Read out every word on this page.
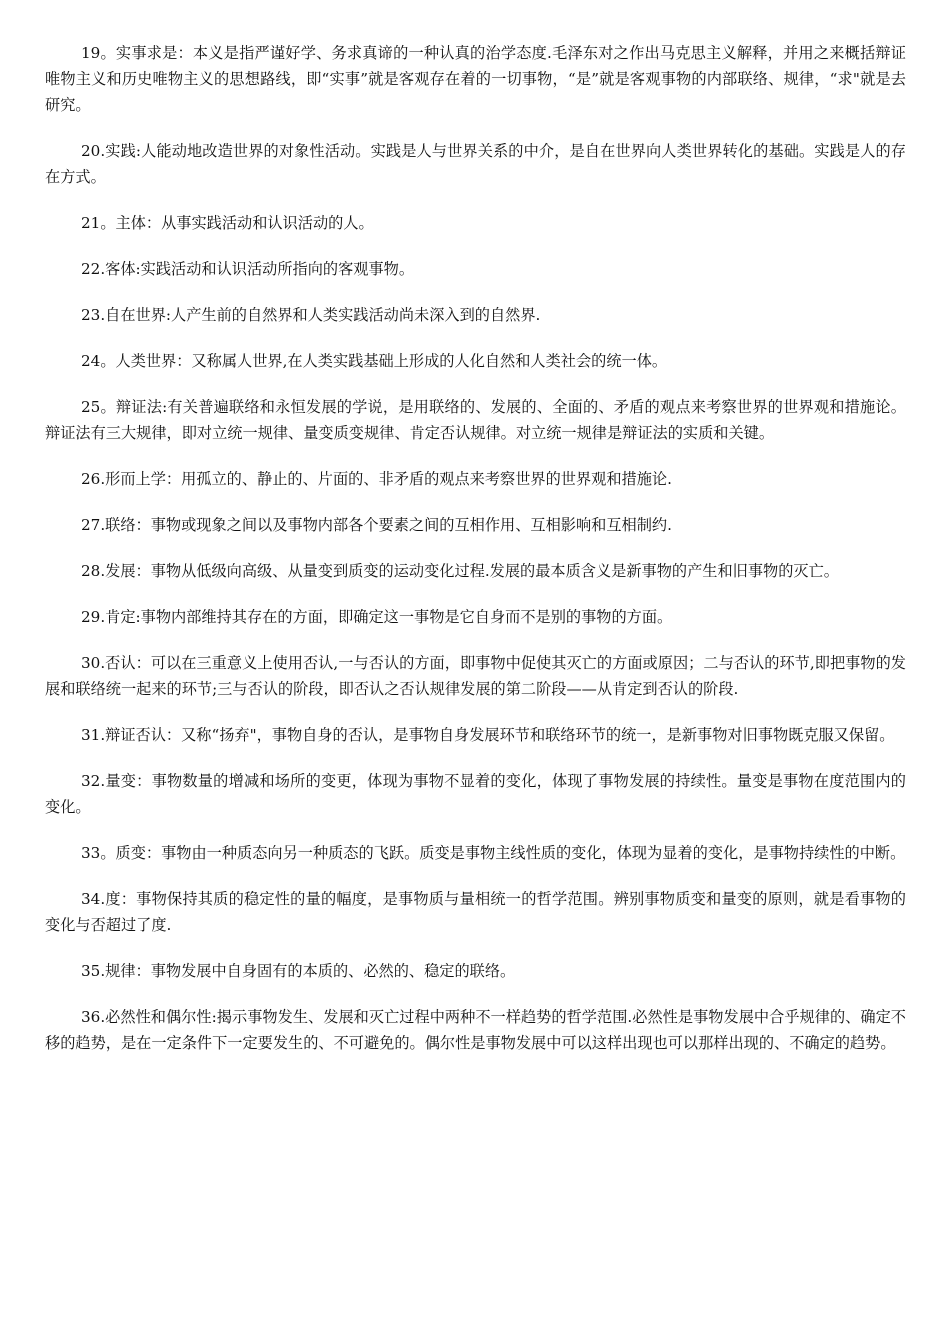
19。实事求是：本义是指严谨好学、务求真谛的一种认真的治学态度.毛泽东对之作出马克思主义解释，并用之来概括辩证唯物主义和历史唯物主义的思想路线，即“实事”就是客观存在着的一切事物，“是”就是客观事物的内部联络、规律，“求"就是去研究。

20.实践:人能动地改造世界的对象性活动。实践是人与世界关系的中介，是自在世界向人类世界转化的基础。实践是人的存在方式。

21。主体：从事实践活动和认识活动的人。

22.客体:实践活动和认识活动所指向的客观事物。

23.自在世界:人产生前的自然界和人类实践活动尚未深入到的自然界.

24。人类世界：又称属人世界,在人类实践基础上形成的人化自然和人类社会的统一体。

25。辩证法:有关普遍联络和永恒发展的学说，是用联络的、发展的、全面的、矛盾的观点来考察世界的世界观和措施论。辩证法有三大规律，即对立统一规律、量变质变规律、肯定否认规律。对立统一规律是辩证法的实质和关键。

26.形而上学：用孤立的、静止的、片面的、非矛盾的观点来考察世界的世界观和措施论.

27.联络：事物或现象之间以及事物内部各个要素之间的互相作用、互相影响和互相制约.

28.发展：事物从低级向高级、从量变到质变的运动变化过程.发展的最本质含义是新事物的产生和旧事物的灭亡。

29.肯定:事物内部维持其存在的方面，即确定这一事物是它自身而不是别的事物的方面。

30.否认：可以在三重意义上使用否认,一与否认的方面，即事物中促使其灭亡的方面或原因；二与否认的环节,即把事物的发展和联络统一起来的环节;三与否认的阶段，即否认之否认规律发展的第二阶段——从肯定到否认的阶段.

31.辩证否认：又称“扬弃"，事物自身的否认，是事物自身发展环节和联络环节的统一，是新事物对旧事物既克服又保留。

32.量变：事物数量的增减和场所的变更，体现为事物不显着的变化，体现了事物发展的持续性。量变是事物在度范围内的变化。

33。质变：事物由一种质态向另一种质态的飞跃。质变是事物主线性质的变化，体现为显着的变化，是事物持续性的中断。

34.度：事物保持其质的稳定性的量的幅度，是事物质与量相统一的哲学范围。辨别事物质变和量变的原则，就是看事物的变化与否超过了度.

35.规律：事物发展中自身固有的本质的、必然的、稳定的联络。

36.必然性和偶尔性:揭示事物发生、发展和灭亡过程中两种不一样趋势的哲学范围.必然性是事物发展中合乎规律的、确定不移的趋势，是在一定条件下一定要发生的、不可避免的。偶尔性是事物发展中可以这样出现也可以那样出现的、不确定的趋势。
